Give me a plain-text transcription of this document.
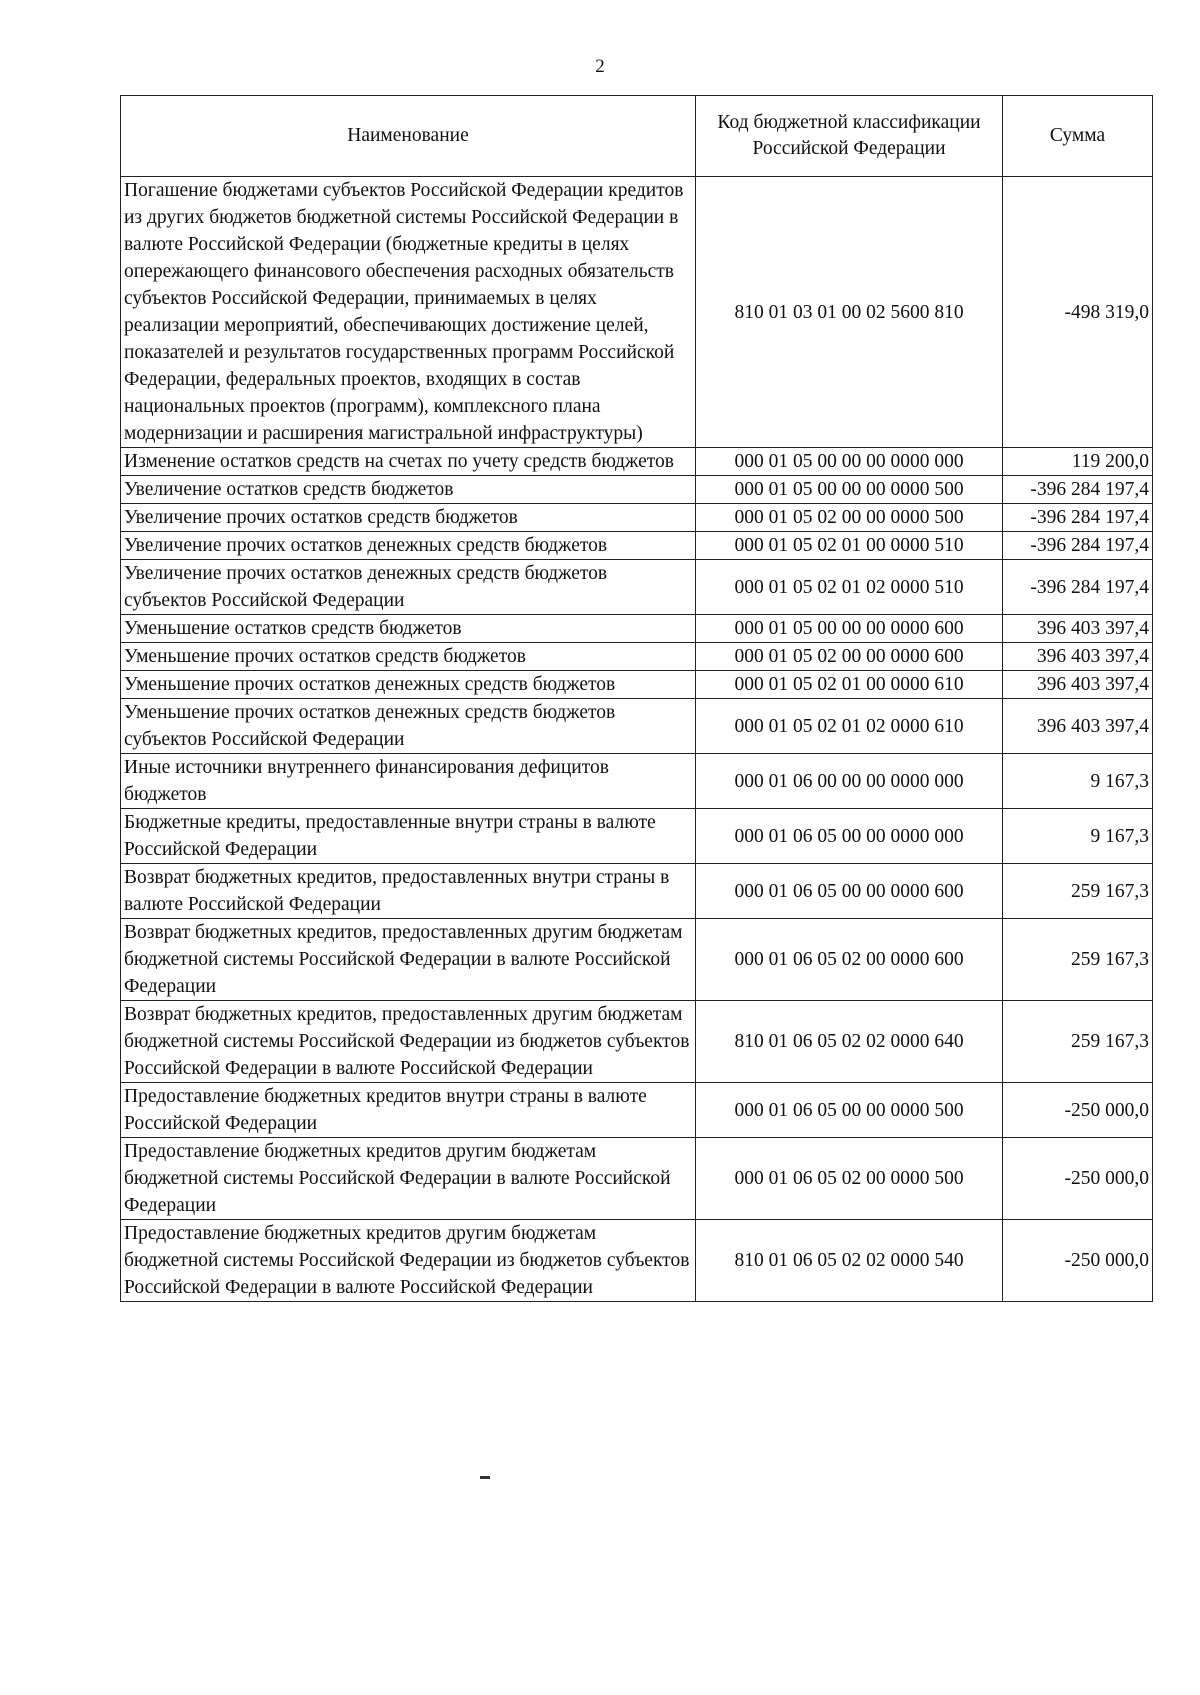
2
Наименование	Код бюджетной классификации Российской Федерации	Сумма
Погашение бюджетами субъектов Российской Федерации кредитов из других бюджетов бюджетной системы Российской Федерации в валюте Российской Федерации (бюджетные кредиты в целях опережающего финансового обеспечения расходных обязательств субъектов Российской Федерации, принимаемых в целях реализации мероприятий, обеспечивающих достижение целей, показателей и результатов государственных программ Российской Федерации, федеральных проектов, входящих в состав национальных проектов (программ), комплексного плана модернизации и расширения магистральной инфраструктуры)	810 01 03 01 00 02 5600 810	-498 319,0
Изменение остатков средств на счетах по учету средств бюджетов	000 01 05 00 00 00 0000 000	119 200,0
Увеличение остатков средств бюджетов	000 01 05 00 00 00 0000 500	-396 284 197,4
Увеличение прочих остатков средств бюджетов	000 01 05 02 00 00 0000 500	-396 284 197,4
Увеличение прочих остатков денежных средств бюджетов	000 01 05 02 01 00 0000 510	-396 284 197,4
Увеличение прочих остатков денежных средств бюджетов субъектов Российской Федерации	000 01 05 02 01 02 0000 510	-396 284 197,4
Уменьшение остатков средств бюджетов	000 01 05 00 00 00 0000 600	396 403 397,4
Уменьшение прочих остатков средств бюджетов	000 01 05 02 00 00 0000 600	396 403 397,4
Уменьшение прочих остатков денежных средств бюджетов	000 01 05 02 01 00 0000 610	396 403 397,4
Уменьшение прочих остатков денежных средств бюджетов субъектов Российской Федерации	000 01 05 02 01 02 0000 610	396 403 397,4
Иные источники внутреннего финансирования дефицитов бюджетов	000 01 06 00 00 00 0000 000	9 167,3
Бюджетные кредиты, предоставленные внутри страны в валюте Российской Федерации	000 01 06 05 00 00 0000 000	9 167,3
Возврат бюджетных кредитов, предоставленных внутри страны в валюте Российской Федерации	000 01 06 05 00 00 0000 600	259 167,3
Возврат бюджетных кредитов, предоставленных другим бюджетам бюджетной системы Российской Федерации в валюте Российской Федерации	000 01 06 05 02 00 0000 600	259 167,3
Возврат бюджетных кредитов, предоставленных другим бюджетам бюджетной системы Российской Федерации из бюджетов субъектов Российской Федерации в валюте Российской Федерации	810 01 06 05 02 02 0000 640	259 167,3
Предоставление бюджетных кредитов внутри страны в валюте Российской Федерации	000 01 06 05 00 00 0000 500	-250 000,0
Предоставление бюджетных кредитов другим бюджетам бюджетной системы Российской Федерации в валюте Российской Федерации	000 01 06 05 02 00 0000 500	-250 000,0
Предоставление бюджетных кредитов другим бюджетам бюджетной системы Российской Федерации из бюджетов субъектов Российской Федерации в валюте Российской Федерации	810 01 06 05 02 02 0000 540	-250 000,0
